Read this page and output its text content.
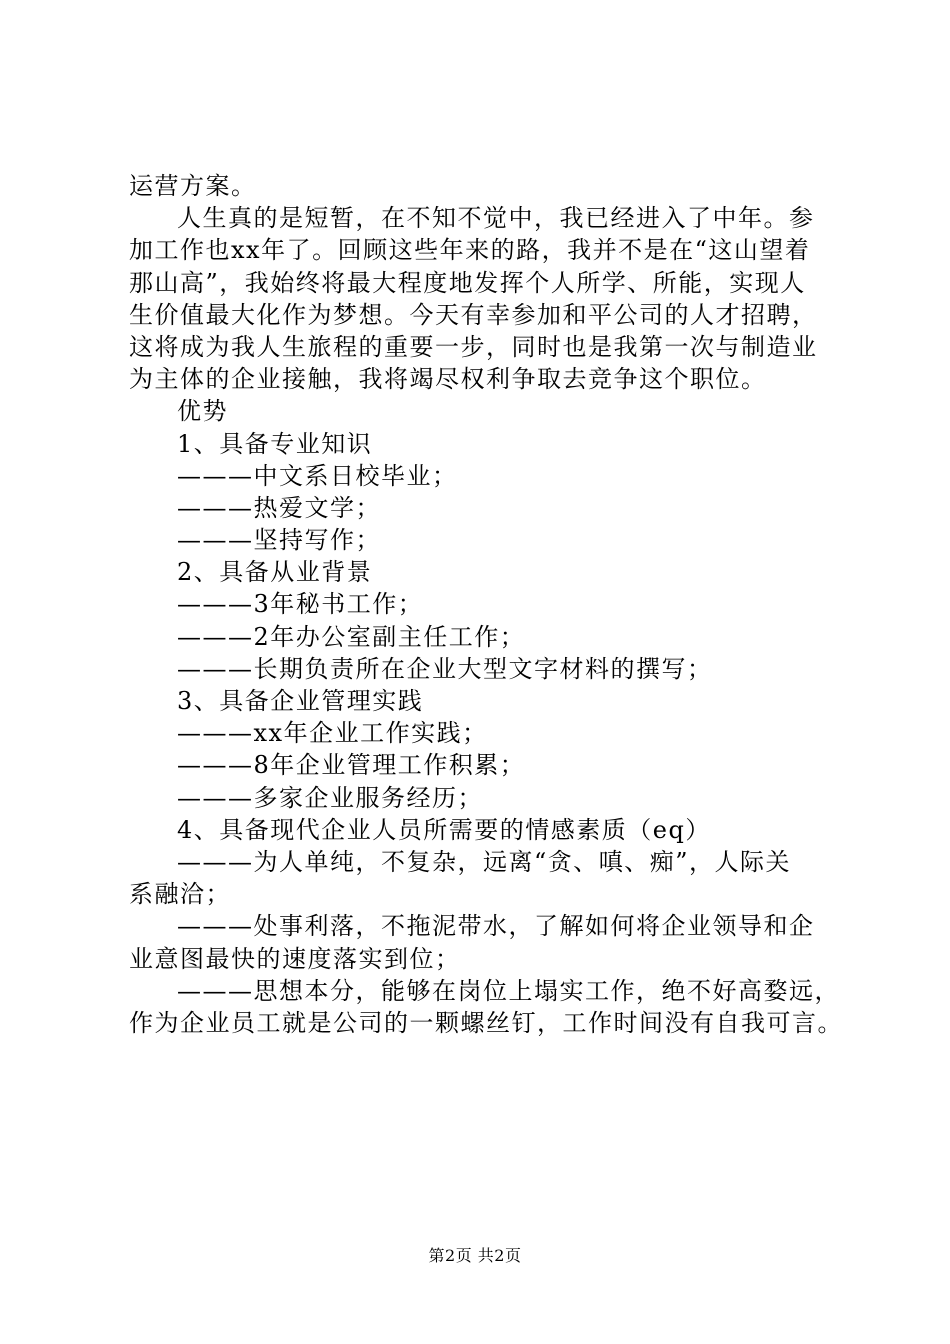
运营方案。
人生真的是短暂，在不知不觉中，我已经进入了中年。参
加工作也xx年了。回顾这些年来的路，我并不是在“这山望着
那山高”，我始终将最大程度地发挥个人所学、所能，实现人
生价值最大化作为梦想。今天有幸参加和平公司的人才招聘，
这将成为我人生旅程的重要一步，同时也是我第一次与制造业
为主体的企业接触，我将竭尽权利争取去竞争这个职位。
优势
1、具备专业知识
———中文系日校毕业；
———热爱文学；
———坚持写作；
2、具备从业背景
———3年秘书工作；
———2年办公室副主任工作；
———长期负责所在企业大型文字材料的撰写；
3、具备企业管理实践
———xx年企业工作实践；
———8年企业管理工作积累；
———多家企业服务经历；
4、具备现代企业人员所需要的情感素质（eq）
———为人单纯，不复杂，远离“贪、嗔、痴”，人际关
系融洽；
———处事利落，不拖泥带水，了解如何将企业领导和企
业意图最快的速度落实到位；
———思想本分，能够在岗位上塌实工作，绝不好高婺远，
作为企业员工就是公司的一颗螺丝钉，工作时间没有自我可言。
第2页 共2页
